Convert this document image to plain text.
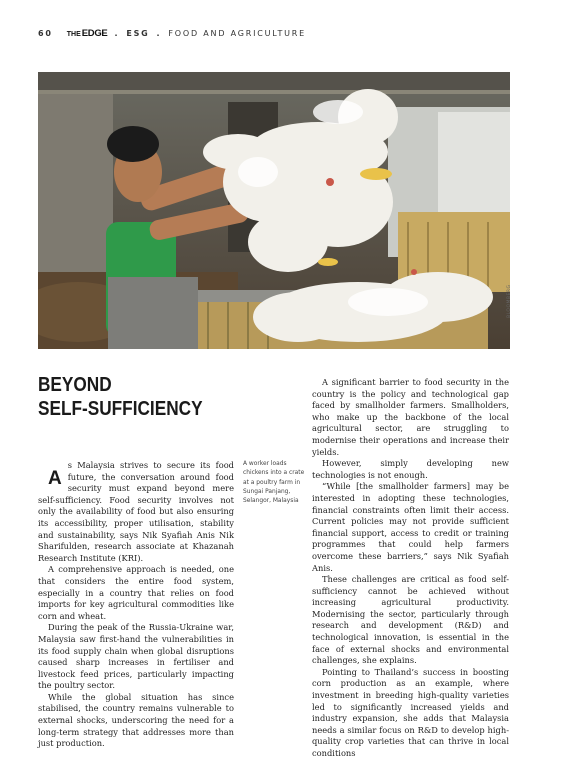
60 THEEDGE . ESG . FOOD AND AGRICULTURE
BLOOMBERG
BEYOND
SELF-SUFFICIENCY
A worker loads chickens into a crate at a poultry farm in Sungai Panjang, Selangor, Malaysia
A

s Malaysia strives to secure its food future, the conversation around food security must expand beyond mere self-sufficiency. Food security involves not only the availability of food but also ensuring its accessibility, proper utilisation, stability and sustainability, says Nik Syafiah Anis Nik Sharifulden, research associate at Khazanah Research Institute (KRI).

A comprehensive approach is needed, one that considers the entire food system, especially in a country that relies on food imports for key agricultural commodities like corn and wheat.

During the peak of the Russia-Ukraine war, Malaysia saw first-hand the vulnerabilities in its food supply chain when global disruptions caused sharp increases in fertiliser and livestock feed prices, particularly impacting the poultry sector.

While the global situation has since stabilised, the country remains vulnerable to external shocks, underscoring the need for a long-term strategy that addresses more than just production.

A significant barrier to food security in the country is the policy and technological gap faced by smallholder farmers. Smallholders, who make up the backbone of the local agricultural sector, are struggling to modernise their operations and increase their yields.

However, simply developing new technologies is not enough.

“While [the smallholder farmers] may be interested in adopting these technologies, financial constraints often limit their access. Current policies may not provide sufficient financial support, access to credit or training programmes that could help farmers overcome these barriers,” says Nik Syafiah Anis.

These challenges are critical as food self-sufficiency cannot be achieved without increasing agricultural productivity. Modernising the sector, particularly through research and development (R&D) and technological innovation, is essential in the face of external shocks and environmental challenges, she explains.

Pointing to Thailand’s success in boosting corn production as an example, where investment in breeding high-quality varieties led to significantly increased yields and industry expansion, she adds that Malaysia needs a similar focus on R&D to develop high-quality crop varieties that can thrive in local conditions
